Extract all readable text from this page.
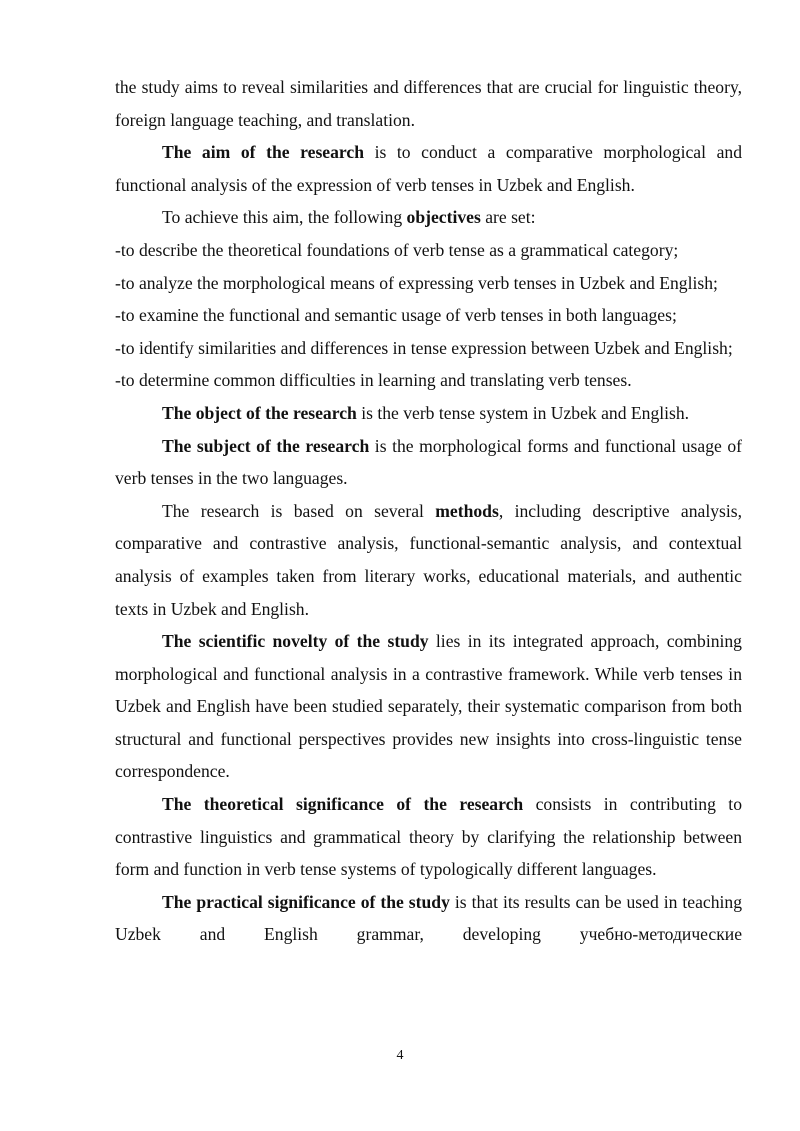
the study aims to reveal similarities and differences that are crucial for linguistic theory, foreign language teaching, and translation.

The aim of the research is to conduct a comparative morphological and functional analysis of the expression of verb tenses in Uzbek and English.

To achieve this aim, the following objectives are set:

-to describe the theoretical foundations of verb tense as a grammatical category;

-to analyze the morphological means of expressing verb tenses in Uzbek and English;

-to examine the functional and semantic usage of verb tenses in both languages;

-to identify similarities and differences in tense expression between Uzbek and English;

-to determine common difficulties in learning and translating verb tenses.

The object of the research is the verb tense system in Uzbek and English.

The subject of the research is the morphological forms and functional usage of verb tenses in the two languages.

The research is based on several methods, including descriptive analysis, comparative and contrastive analysis, functional-semantic analysis, and contextual analysis of examples taken from literary works, educational materials, and authentic texts in Uzbek and English.

The scientific novelty of the study lies in its integrated approach, combining morphological and functional analysis in a contrastive framework. While verb tenses in Uzbek and English have been studied separately, their systematic comparison from both structural and functional perspectives provides new insights into cross-linguistic tense correspondence.

The theoretical significance of the research consists in contributing to contrastive linguistics and grammatical theory by clarifying the relationship between form and function in verb tense systems of typologically different languages.

The practical significance of the study is that its results can be used in teaching Uzbek and English grammar, developing учебно-методические

4
